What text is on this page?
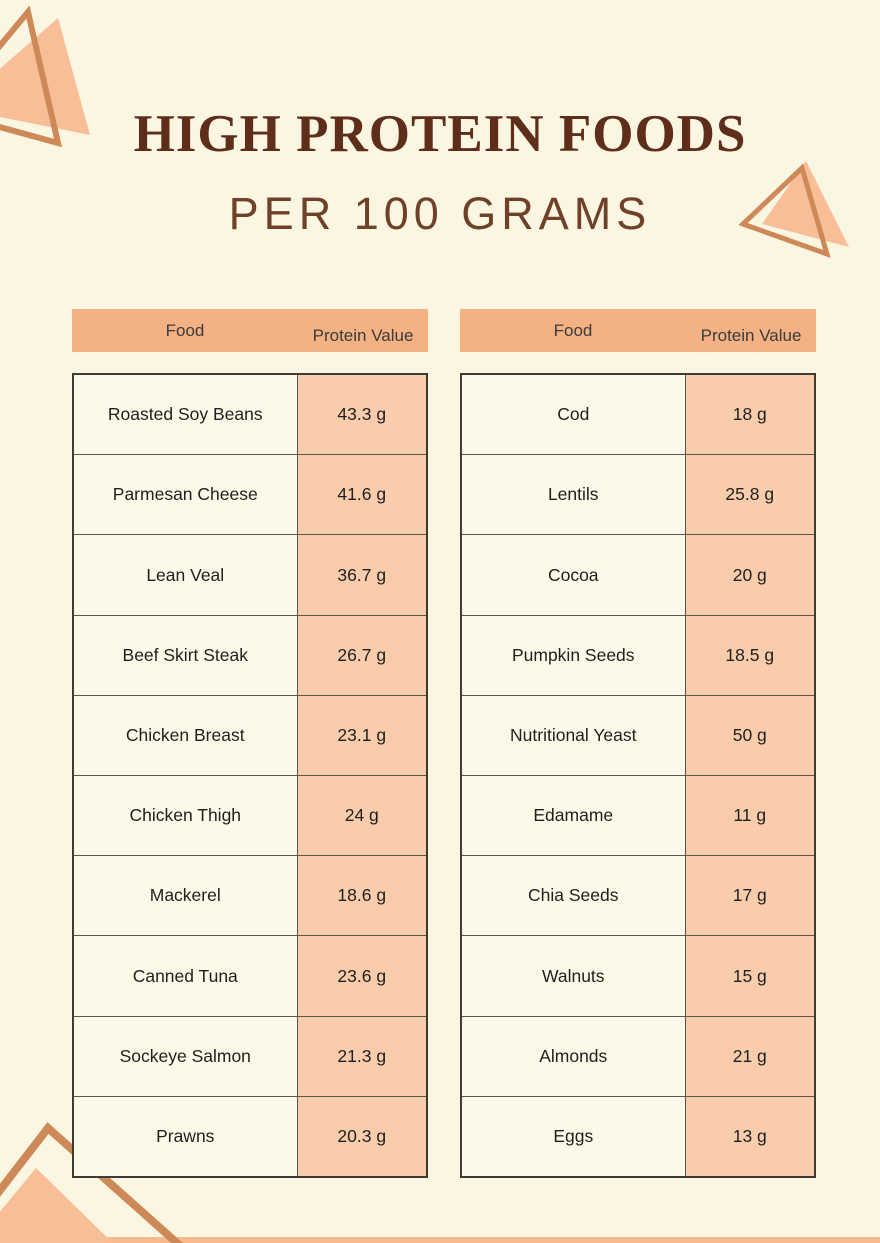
HIGH PROTEIN FOODS
PER 100 GRAMS
Food	Protein Value	Food	Protein Value
Roasted Soy Beans	43.3 g
Parmesan Cheese	41.6 g
Lean Veal	36.7 g
Beef Skirt Steak	26.7 g
Chicken Breast	23.1 g
Chicken Thigh	24 g
Mackerel	18.6 g
Canned Tuna	23.6 g
Sockeye Salmon	21.3 g
Prawns	20.3 g
Cod	18 g
Lentils	25.8 g
Cocoa	20 g
Pumpkin Seeds	18.5 g
Nutritional Yeast	50 g
Edamame	11 g
Chia Seeds	17 g
Walnuts	15 g
Almonds	21 g
Eggs	13 g
